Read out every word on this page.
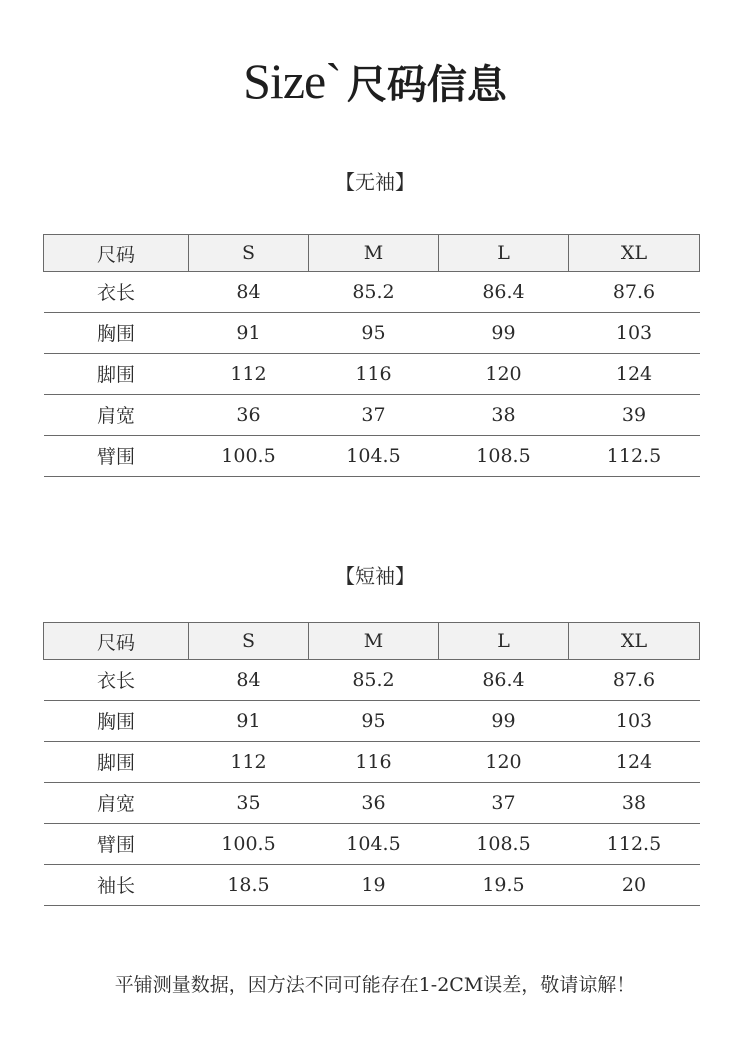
Size` 尺码信息
【无袖】
尺码	S	M	L	XL
衣长	84	85.2	86.4	87.6
胸围	91	95	99	103
脚围	112	116	120	124
肩宽	36	37	38	39
臂围	100.5	104.5	108.5	112.5
【短袖】
尺码	S	M	L	XL
衣长	84	85.2	86.4	87.6
胸围	91	95	99	103
脚围	112	116	120	124
肩宽	35	36	37	38
臂围	100.5	104.5	108.5	112.5
袖长	18.5	19	19.5	20
平铺测量数据，因方法不同可能存在1-2CM误差，敬请谅解！
